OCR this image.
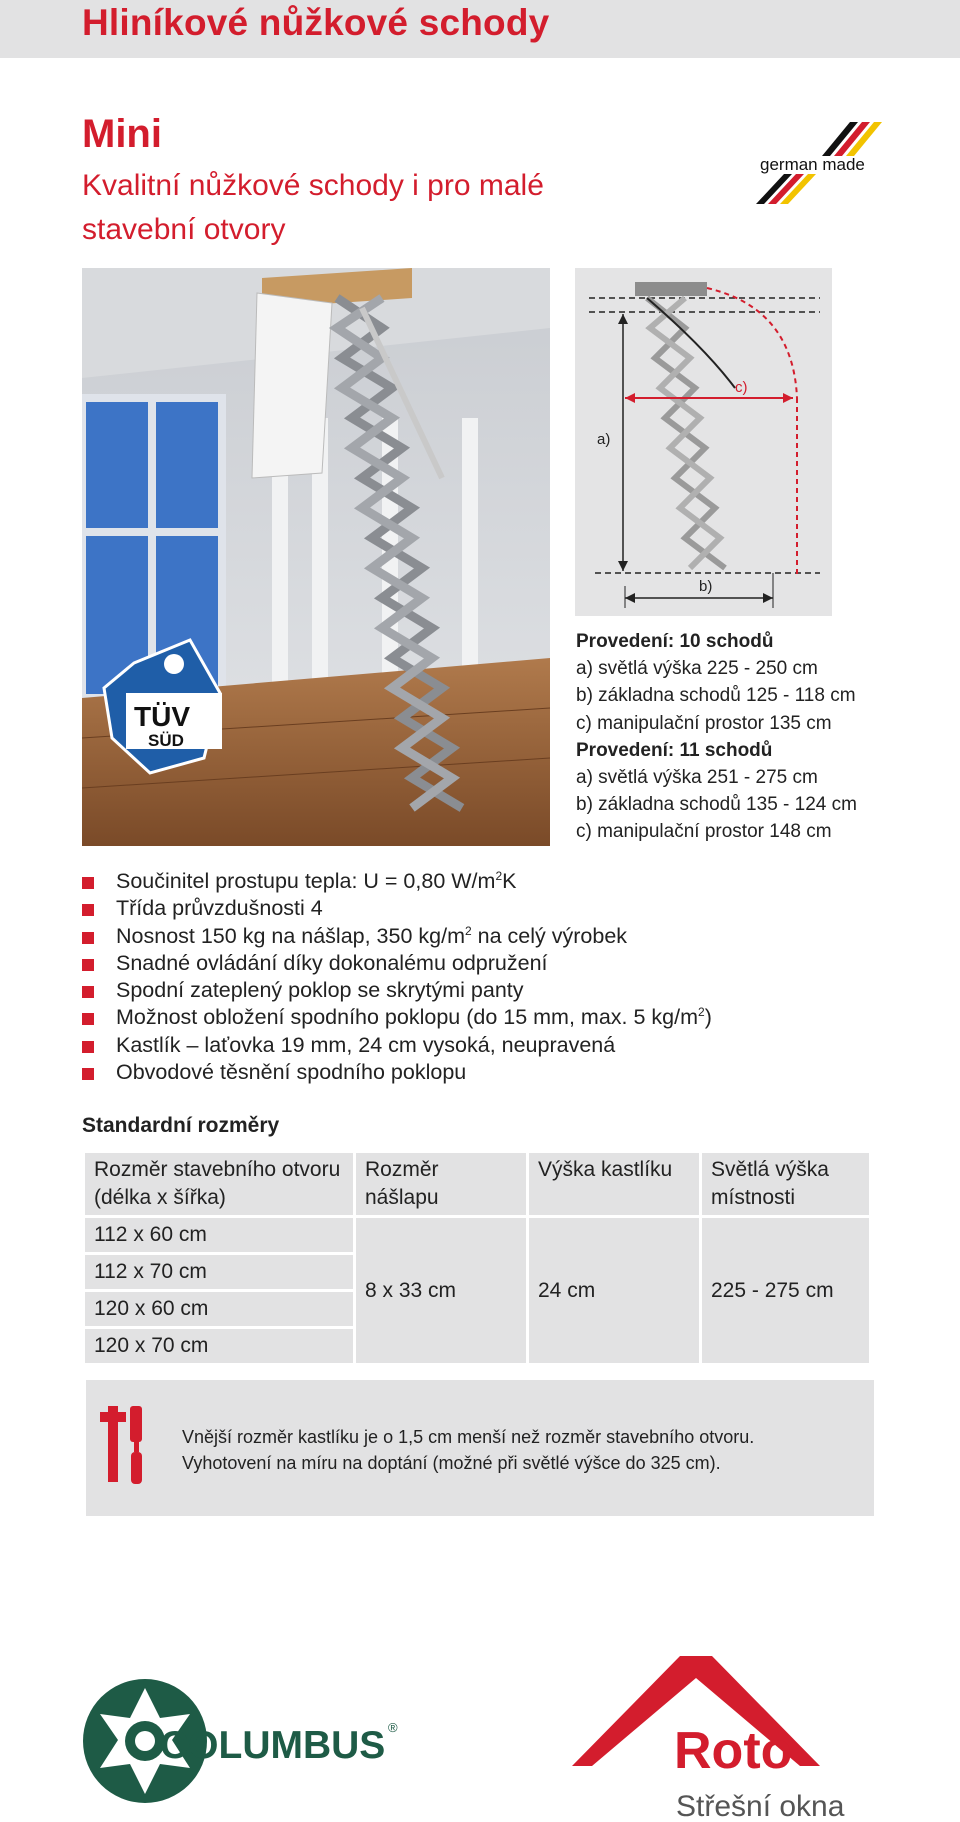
Hliníkové nůžkové schody
Mini
Kvalitní nůžkové schody i pro malé stavební otvory
german made
TÜV
SÜD
c)
a)
b)
Provedení: 10 schodů
a) světlá výška 225 - 250 cm
b) základna schodů 125 - 118 cm
c) manipulační prostor 135 cm
Provedení: 11 schodů
a) světlá výška 251 - 275 cm
b) základna schodů 135 - 124 cm
c) manipulační prostor 148 cm
Součinitel prostupu tepla: U = 0,80 $W/m^2K$
Třída průvzdušnosti 4
Nosnost 150 kg na nášlap, 350 $kg/m^2$ na celý výrobek
Snadné ovládání díky dokonalému odpružení
Spodní zateplený poklop se skrytými panty
Možnost obložení spodního poklopu (do 15 mm, max. 5 $kg/m^2$)
Kastlík – laťovka 19 mm, 24 cm vysoká, neupravená
Obvodové těsnění spodního poklopu
Standardní rozměry
Rozměr stavebního otvoru (délka x šířka)	Rozměr nášlapu	Výška kastlíku	Světlá výška místnosti
112 x 60 cm	8 x 33 cm	24 cm	225 - 275 cm
112 x 70 cm			
120 x 60 cm			
120 x 70 cm			
Vnější rozměr kastlíku je o 1,5 cm menší než rozměr stavebního otvoru.
Vyhotovení na míru na doptání (možné při světlé výšce do 325 cm).
COLUMBUS ®	Roto
Střešní okna
